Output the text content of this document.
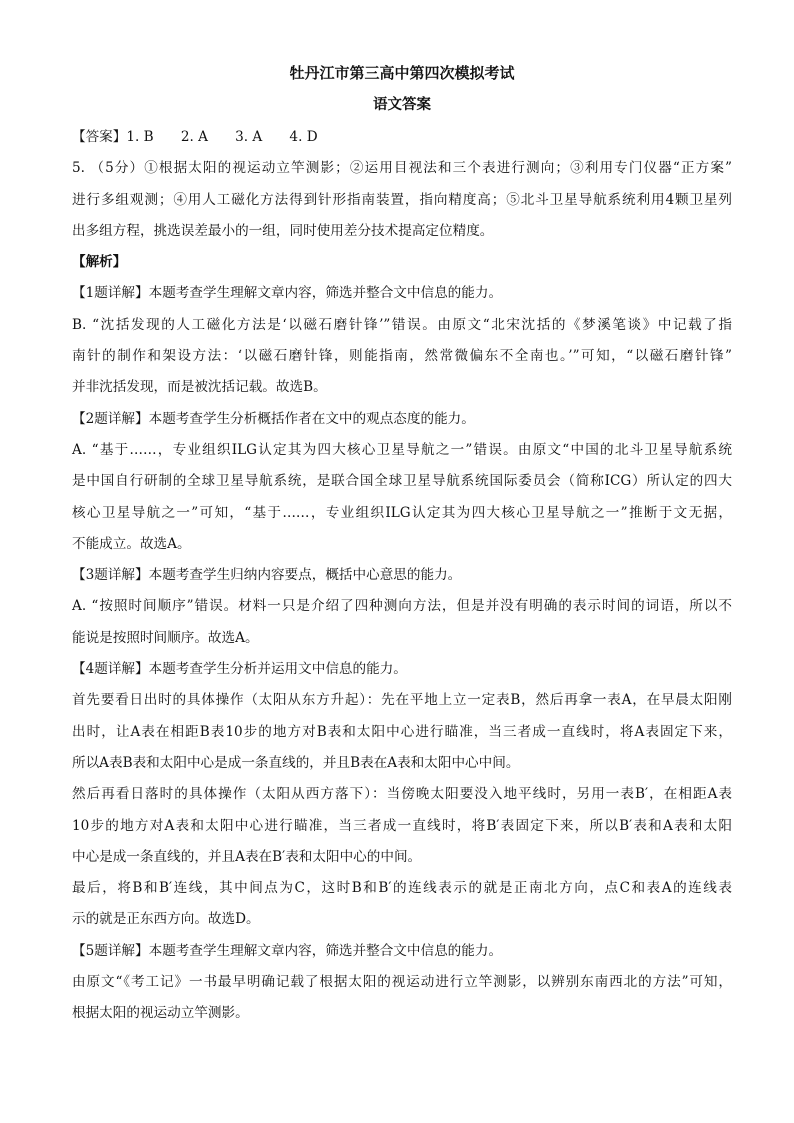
牡丹江市第三高中第四次模拟考试
语文答案

【答案】1. B　　2. A　　3. A　　4. D

5. （5分）①根据太阳的视运动立竿测影；②运用目视法和三个表进行测向；③利用专门仪器“正方案”

进行多组观测；④用人工磁化方法得到针形指南装置，指向精度高；⑤北斗卫星导航系统利用4颗卫星列

出多组方程，挑选误差最小的一组，同时使用差分技术提高定位精度。

【解析】

【1题详解】本题考查学生理解文章内容，筛选并整合文中信息的能力。

B. “沈括发现的人工磁化方法是‘以磁石磨针锋’”错误。由原文“北宋沈括的《梦溪笔谈》中记载了指

南针的制作和架设方法：‘以磁石磨针锋，则能指南，然常微偏东不全南也。’”可知，“以磁石磨针锋”

并非沈括发现，而是被沈括记载。故选B。

【2题详解】本题考查学生分析概括作者在文中的观点态度的能力。

A. “基于……，专业组织ILG认定其为四大核心卫星导航之一”错误。由原文“中国的北斗卫星导航系统

是中国自行研制的全球卫星导航系统，是联合国全球卫星导航系统国际委员会（简称ICG）所认定的四大

核心卫星导航之一”可知，“基于……，专业组织ILG认定其为四大核心卫星导航之一”推断于文无据，

不能成立。故选A。

【3题详解】本题考查学生归纳内容要点，概括中心意思的能力。

A. “按照时间顺序”错误。材料一只是介绍了四种测向方法，但是并没有明确的表示时间的词语，所以不

能说是按照时间顺序。故选A。

【4题详解】本题考查学生分析并运用文中信息的能力。

首先要看日出时的具体操作（太阳从东方升起）：先在平地上立一定表B，然后再拿一表A，在早晨太阳刚

出时，让A表在相距B表10步的地方对B表和太阳中心进行瞄准，当三者成一直线时，将A表固定下来，

所以A表B表和太阳中心是成一条直线的，并且B表在A表和太阳中心中间。

然后再看日落时的具体操作（太阳从西方落下）：当傍晚太阳要没入地平线时，另用一表B′，在相距A表

10步的地方对A表和太阳中心进行瞄准，当三者成一直线时，将B′表固定下来，所以B′表和A表和太阳

中心是成一条直线的，并且A表在B′表和太阳中心的中间。

最后，将B和B′连线，其中间点为C，这时B和B′的连线表示的就是正南北方向，点C和表A的连线表

示的就是正东西方向。故选D。

【5题详解】本题考查学生理解文章内容，筛选并整合文中信息的能力。

由原文“《考工记》一书最早明确记载了根据太阳的视运动进行立竿测影，以辨别东南西北的方法”可知，

根据太阳的视运动立竿测影。
